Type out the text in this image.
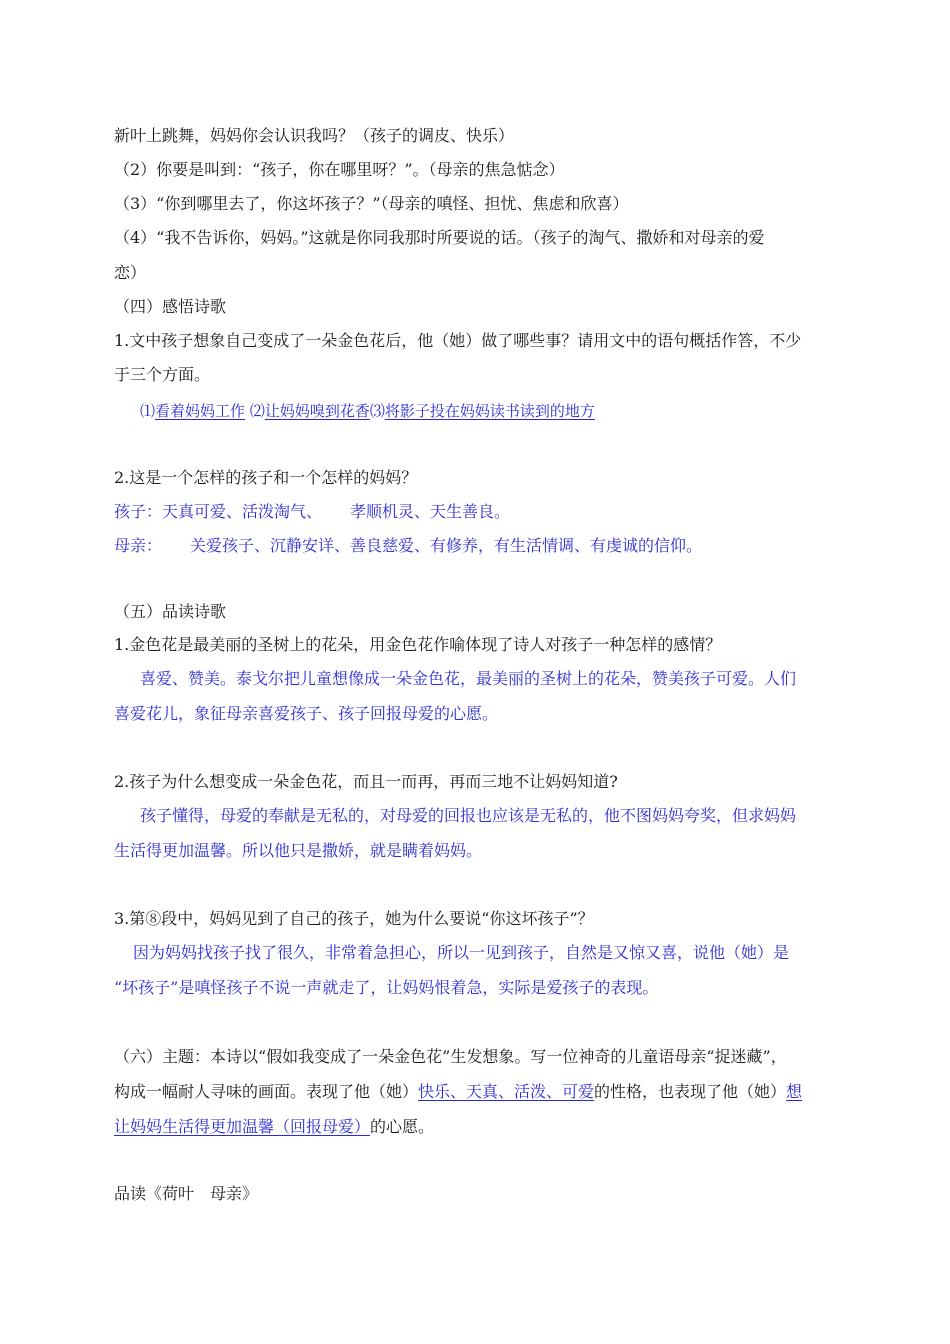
新叶上跳舞，妈妈你会认识我吗？（孩子的调皮、快乐）
（2）你要是叫到：“孩子，你在哪里呀？”。（母亲的焦急惦念）
（3）“你到哪里去了，你这坏孩子？”（母亲的嗔怪、担忧、焦虑和欣喜）
（4）“我不告诉你，妈妈。”这就是你同我那时所要说的话。（孩子的淘气、撒娇和对母亲的爱
恋）
（四）感悟诗歌
1.文中孩子想象自己变成了一朵金色花后，他（她）做了哪些事？请用文中的语句概括作答，不少
于三个方面。
⑴看着妈妈工作 ⑵让妈妈嗅到花香⑶将影子投在妈妈读书读到的地方
2.这是一个怎样的孩子和一个怎样的妈妈？
孩子：天真可爱、活泼淘气、 孝顺机灵、天生善良。
母亲： 关爱孩子、沉静安详、善良慈爱、有修养，有生活情调、有虔诚的信仰。
（五）品读诗歌
1.金色花是最美丽的圣树上的花朵，用金色花作喻体现了诗人对孩子一种怎样的感情？
喜爱、赞美。泰戈尔把儿童想像成一朵金色花，最美丽的圣树上的花朵，赞美孩子可爱。人们
喜爱花儿，象征母亲喜爱孩子、孩子回报母爱的心愿。
2.孩子为什么想变成一朵金色花，而且一而再，再而三地不让妈妈知道?
孩子懂得，母爱的奉献是无私的，对母爱的回报也应该是无私的，他不图妈妈夸奖，但求妈妈
生活得更加温馨。所以他只是撒娇，就是瞒着妈妈。
3.第⑧段中，妈妈见到了自己的孩子，她为什么要说“你这坏孩子”？
因为妈妈找孩子找了很久，非常着急担心，所以一见到孩子，自然是又惊又喜，说他（她）是
“坏孩子”是嗔怪孩子不说一声就走了，让妈妈恨着急，实际是爱孩子的表现。
（六）主题：本诗以“假如我变成了一朵金色花”生发想象。写一位神奇的儿童语母亲“捉迷藏”，
构成一幅耐人寻味的画面。表现了他（她）快乐、天真、活泼、可爱的性格，也表现了他（她）想
让妈妈生活得更加温馨（回报母爱）的心愿。
品读《荷叶　母亲》
